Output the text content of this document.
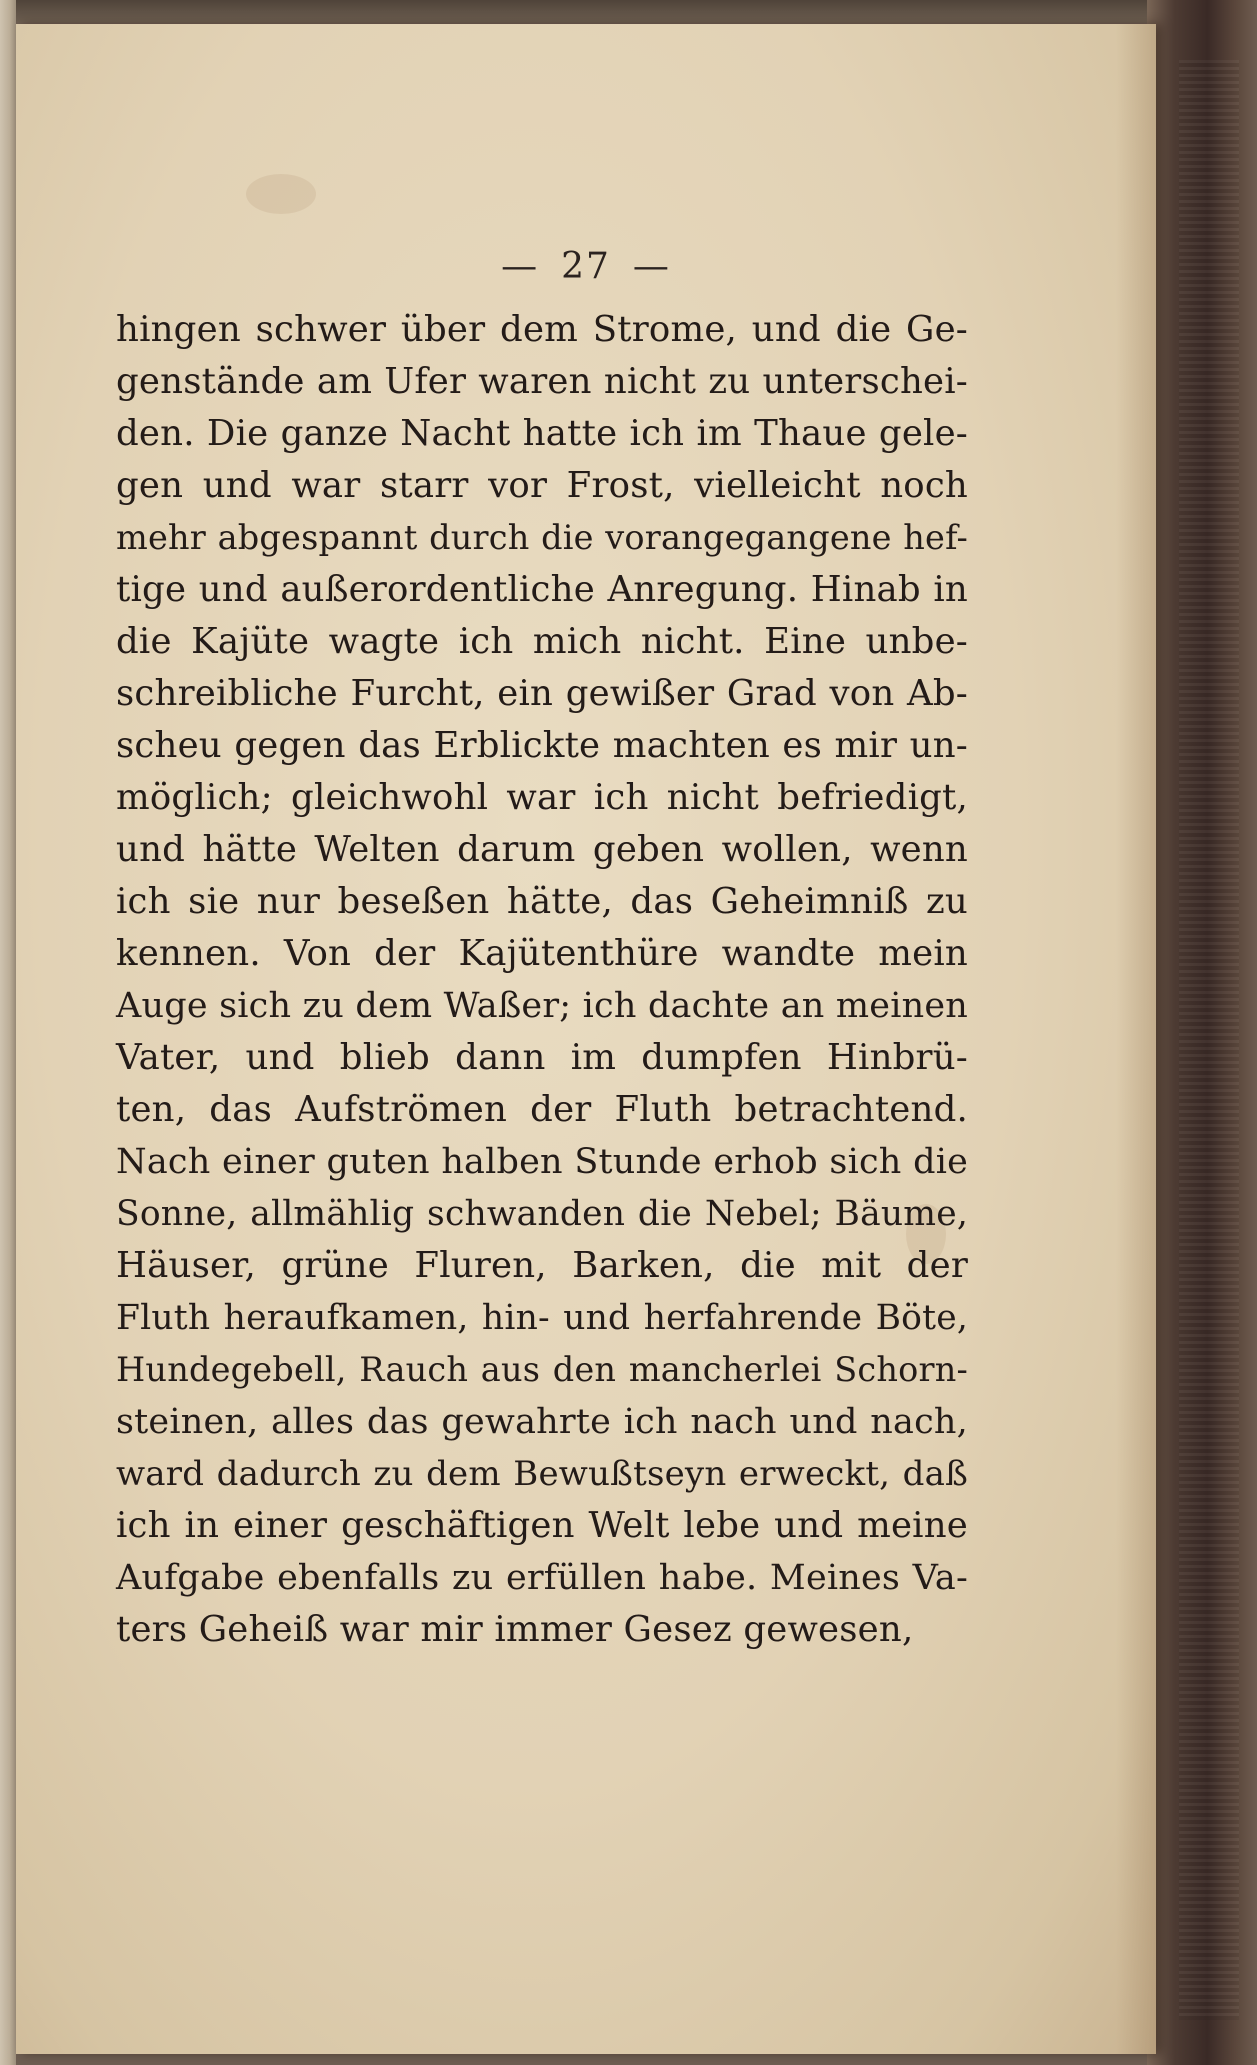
— 27 —
hingen schwer über dem Strome, und die Ge-
genstände am Ufer waren nicht zu unterschei-
den. Die ganze Nacht hatte ich im Thaue gele-
gen und war starr vor Frost, vielleicht noch
mehr abgespannt durch die vorangegangene hef-
tige und außerordentliche Anregung. Hinab in
die Kajüte wagte ich mich nicht. Eine unbe-
schreibliche Furcht, ein gewißer Grad von Ab-
scheu gegen das Erblickte machten es mir un-
möglich; gleichwohl war ich nicht befriedigt,
und hätte Welten darum geben wollen, wenn
ich sie nur beseßen hätte, das Geheimniß zu
kennen. Von der Kajütenthüre wandte mein
Auge sich zu dem Waßer; ich dachte an meinen
Vater, und blieb dann im dumpfen Hinbrü-
ten, das Aufströmen der Fluth betrachtend.
Nach einer guten halben Stunde erhob sich die
Sonne, allmählig schwanden die Nebel; Bäume,
Häuser, grüne Fluren, Barken, die mit der
Fluth heraufkamen, hin- und herfahrende Böte,
Hundegebell, Rauch aus den mancherlei Schorn-
steinen, alles das gewahrte ich nach und nach,
ward dadurch zu dem Bewußtseyn erweckt, daß
ich in einer geschäftigen Welt lebe und meine
Aufgabe ebenfalls zu erfüllen habe. Meines Va-
ters Geheiß war mir immer Gesez gewesen,
